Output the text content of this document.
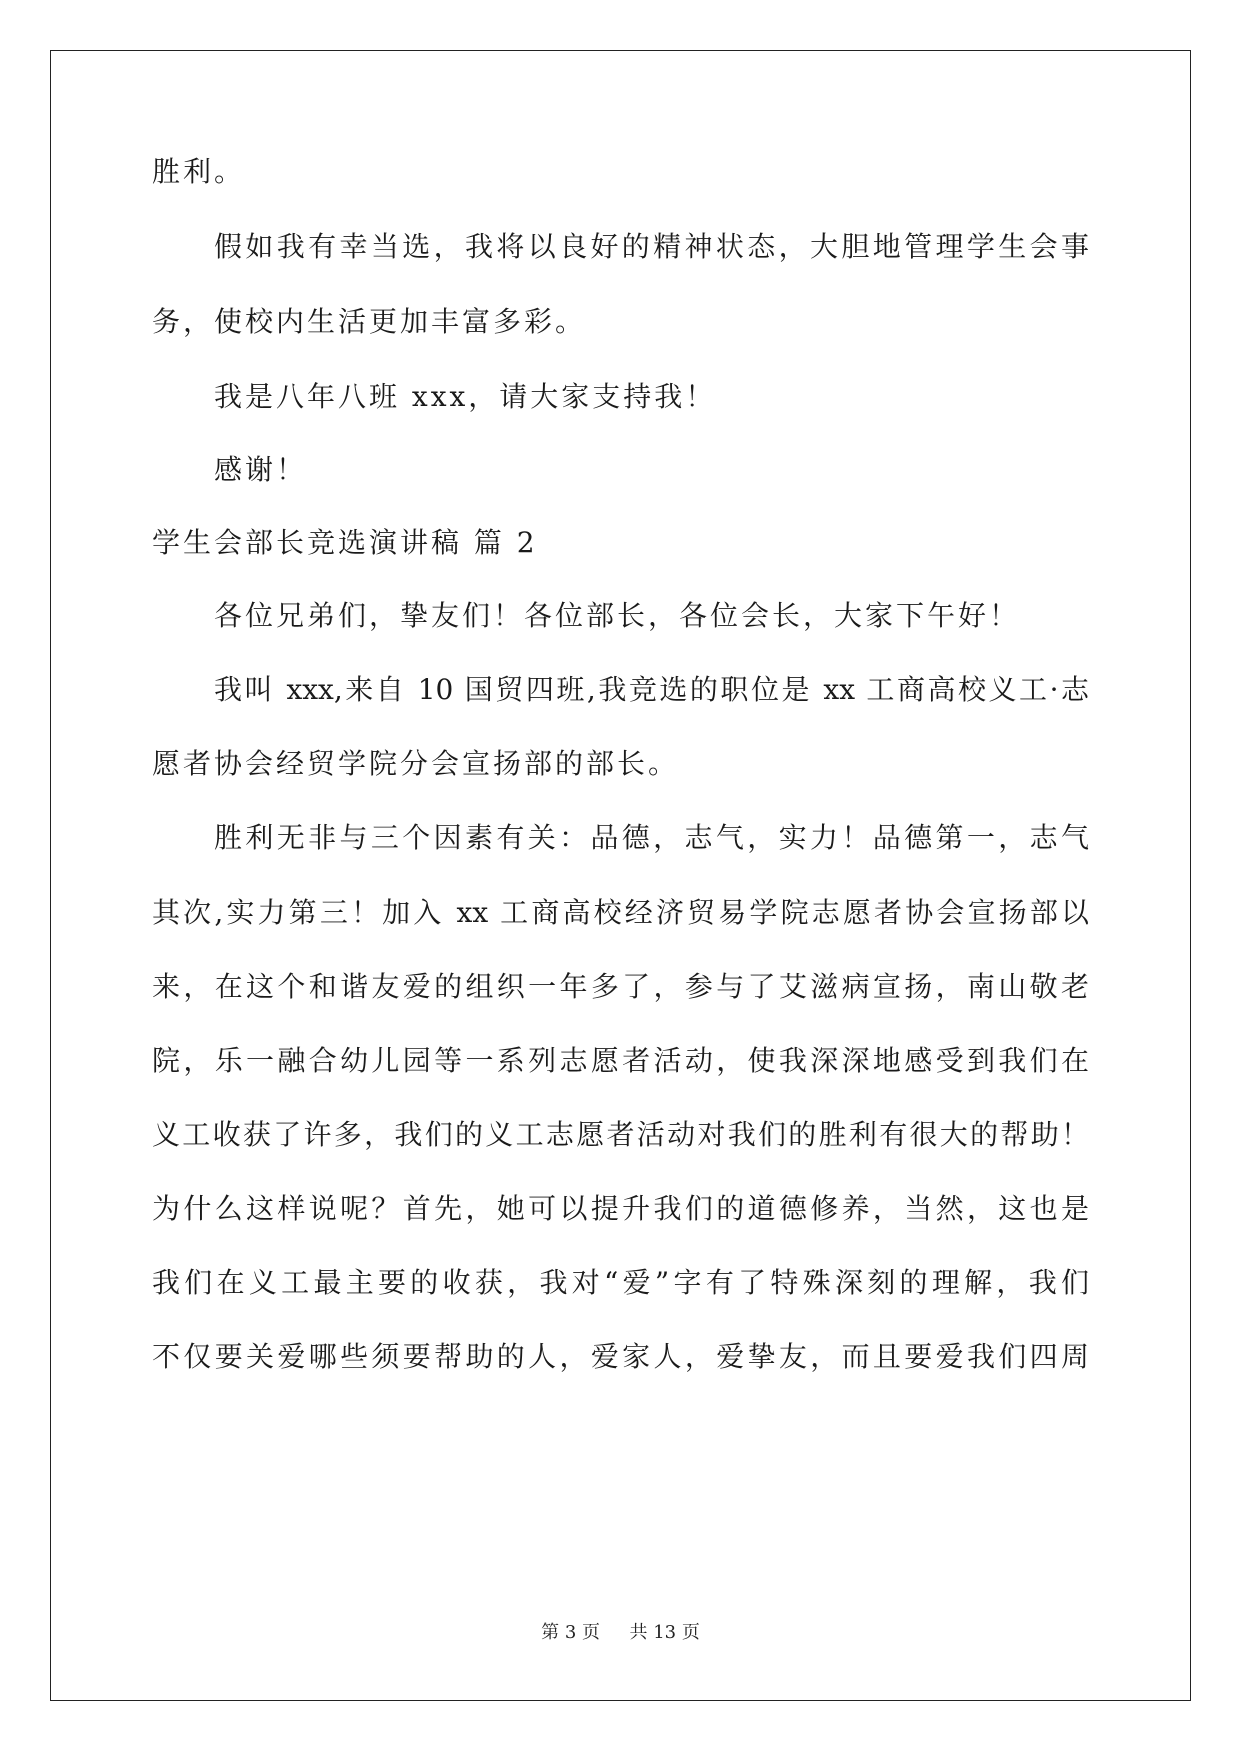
胜利。
假如我有幸当选，我将以良好的精神状态，大胆地管理学生会事
务，使校内生活更加丰富多彩。
我是八年八班 xxx，请大家支持我！
感谢！
学生会部长竞选演讲稿 篇 2
各位兄弟们，挚友们！各位部长，各位会长，大家下午好！
我叫 xxx,来自 10 国贸四班,我竞选的职位是 xx 工商高校义工·志
愿者协会经贸学院分会宣扬部的部长。
胜利无非与三个因素有关：品德，志气，实力！品德第一，志气
其次,实力第三！加入 xx 工商高校经济贸易学院志愿者协会宣扬部以
来，在这个和谐友爱的组织一年多了，参与了艾滋病宣扬，南山敬老
院，乐一融合幼儿园等一系列志愿者活动，使我深深地感受到我们在
义工收获了许多，我们的义工志愿者活动对我们的胜利有很大的帮助！
为什么这样说呢？首先，她可以提升我们的道德修养，当然，这也是
我们在义工最主要的收获，我对“爱”字有了特殊深刻的理解，我们
不仅要关爱哪些须要帮助的人，爱家人，爱挚友，而且要爱我们四周
第 3 页 共 13 页
